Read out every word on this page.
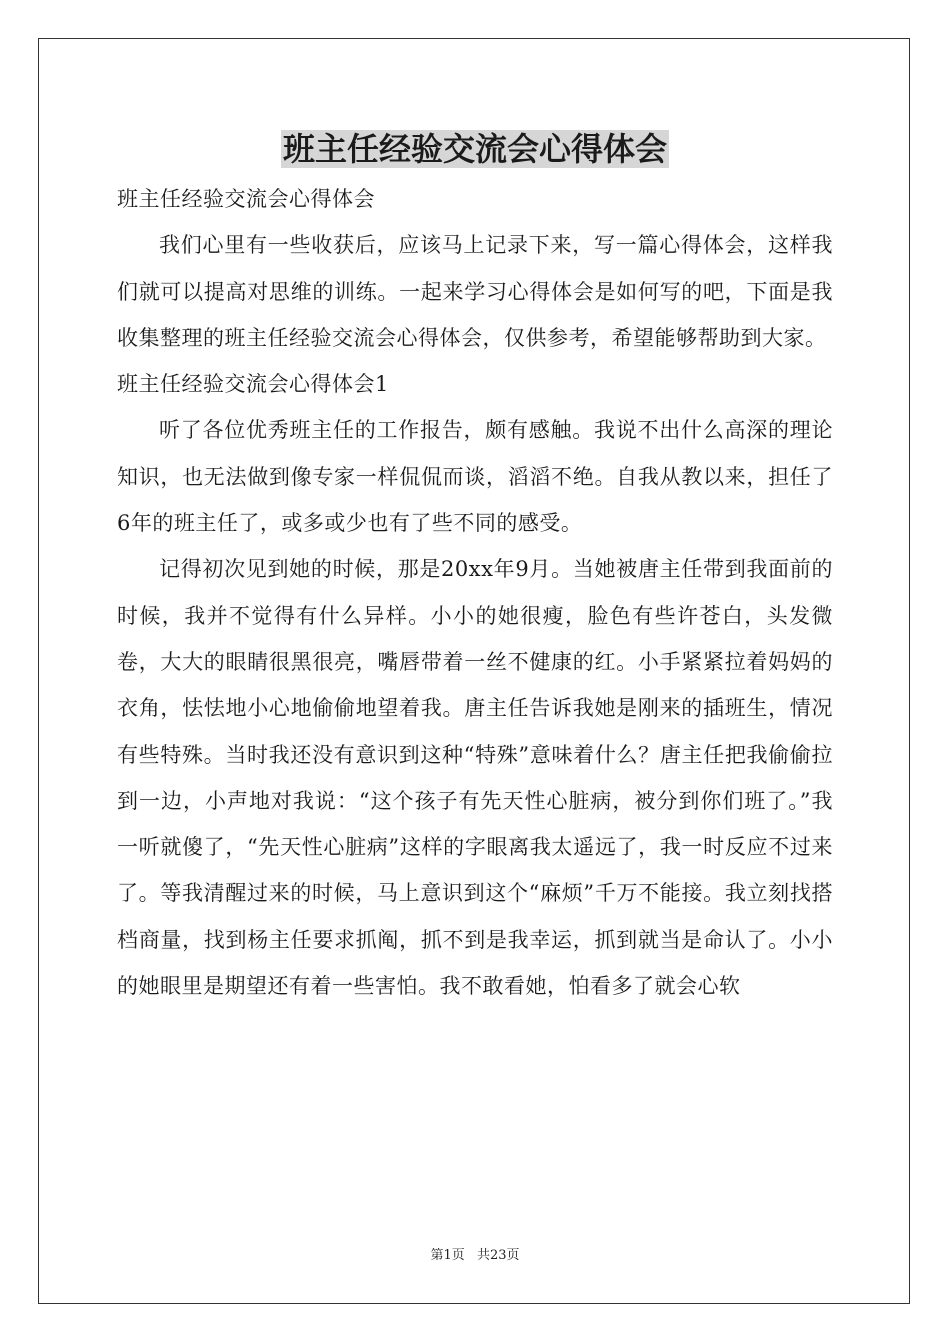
班主任经验交流会心得体会

班主任经验交流会心得体会

我们心里有一些收获后，应该马上记录下来，写一篇心得体会，这样我们就可以提高对思维的训练。一起来学习心得体会是如何写的吧，下面是我收集整理的班主任经验交流会心得体会，仅供参考，希望能够帮助到大家。

班主任经验交流会心得体会1

听了各位优秀班主任的工作报告，颇有感触。我说不出什么高深的理论知识，也无法做到像专家一样侃侃而谈，滔滔不绝。自我从教以来，担任了6年的班主任了，或多或少也有了些不同的感受。

记得初次见到她的时候，那是20xx年9月。当她被唐主任带到我面前的时候，我并不觉得有什么异样。小小的她很瘦，脸色有些许苍白，头发微卷，大大的眼睛很黑很亮，嘴唇带着一丝不健康的红。小手紧紧拉着妈妈的衣角，怯怯地小心地偷偷地望着我。唐主任告诉我她是刚来的插班生，情况有些特殊。当时我还没有意识到这种“特殊”意味着什么？唐主任把我偷偷拉到一边，小声地对我说：“这个孩子有先天性心脏病，被分到你们班了。”我一听就傻了，“先天性心脏病”这样的字眼离我太遥远了，我一时反应不过来了。等我清醒过来的时候，马上意识到这个“麻烦”千万不能接。我立刻找搭档商量，找到杨主任要求抓阄，抓不到是我幸运，抓到就当是命认了。小小的她眼里是期望还有着一些害怕。我不敢看她，怕看多了就会心软

第1页 共23页
